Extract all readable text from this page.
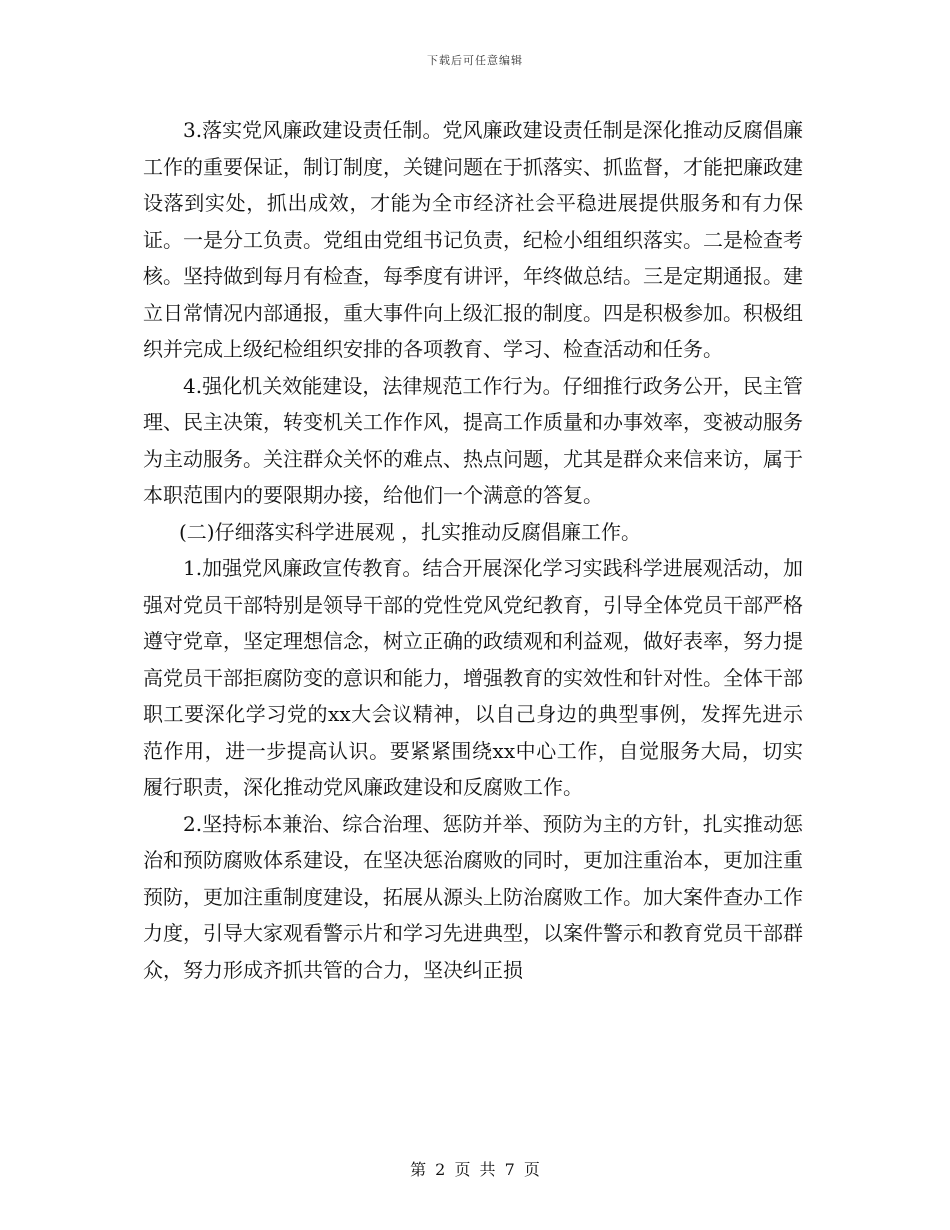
下载后可任意编辑

3.落实党风廉政建设责任制。党风廉政建设责任制是深化推动反腐倡廉工作的重要保证，制订制度，关键问题在于抓落实、抓监督，才能把廉政建设落到实处，抓出成效，才能为全市经济社会平稳进展提供服务和有力保证。一是分工负责。党组由党组书记负责，纪检小组组织落实。二是检查考核。坚持做到每月有检查，每季度有讲评，年终做总结。三是定期通报。建立日常情况内部通报，重大事件向上级汇报的制度。四是积极参加。积极组织并完成上级纪检组织安排的各项教育、学习、检查活动和任务。

4.强化机关效能建设，法律规范工作行为。仔细推行政务公开，民主管理、民主决策，转变机关工作作风，提高工作质量和办事效率，变被动服务为主动服务。关注群众关怀的难点、热点问题，尤其是群众来信来访，属于本职范围内的要限期办接，给他们一个满意的答复。

(二)仔细落实科学进展观 ，扎实推动反腐倡廉工作。

1.加强党风廉政宣传教育。结合开展深化学习实践科学进展观活动，加强对党员干部特别是领导干部的党性党风党纪教育，引导全体党员干部严格遵守党章，坚定理想信念，树立正确的政绩观和利益观，做好表率，努力提高党员干部拒腐防变的意识和能力，增强教育的实效性和针对性。全体干部职工要深化学习党的xx大会议精神，以自己身边的典型事例，发挥先进示范作用，进一步提高认识。要紧紧围绕xx中心工作，自觉服务大局，切实履行职责，深化推动党风廉政建设和反腐败工作。

2.坚持标本兼治、综合治理、惩防并举、预防为主的方针，扎实推动惩治和预防腐败体系建设，在坚决惩治腐败的同时，更加注重治本，更加注重预防，更加注重制度建设，拓展从源头上防治腐败工作。加大案件查办工作力度，引导大家观看警示片和学习先进典型，以案件警示和教育党员干部群众，努力形成齐抓共管的合力，坚决纠正损

第 2 页 共 7 页
